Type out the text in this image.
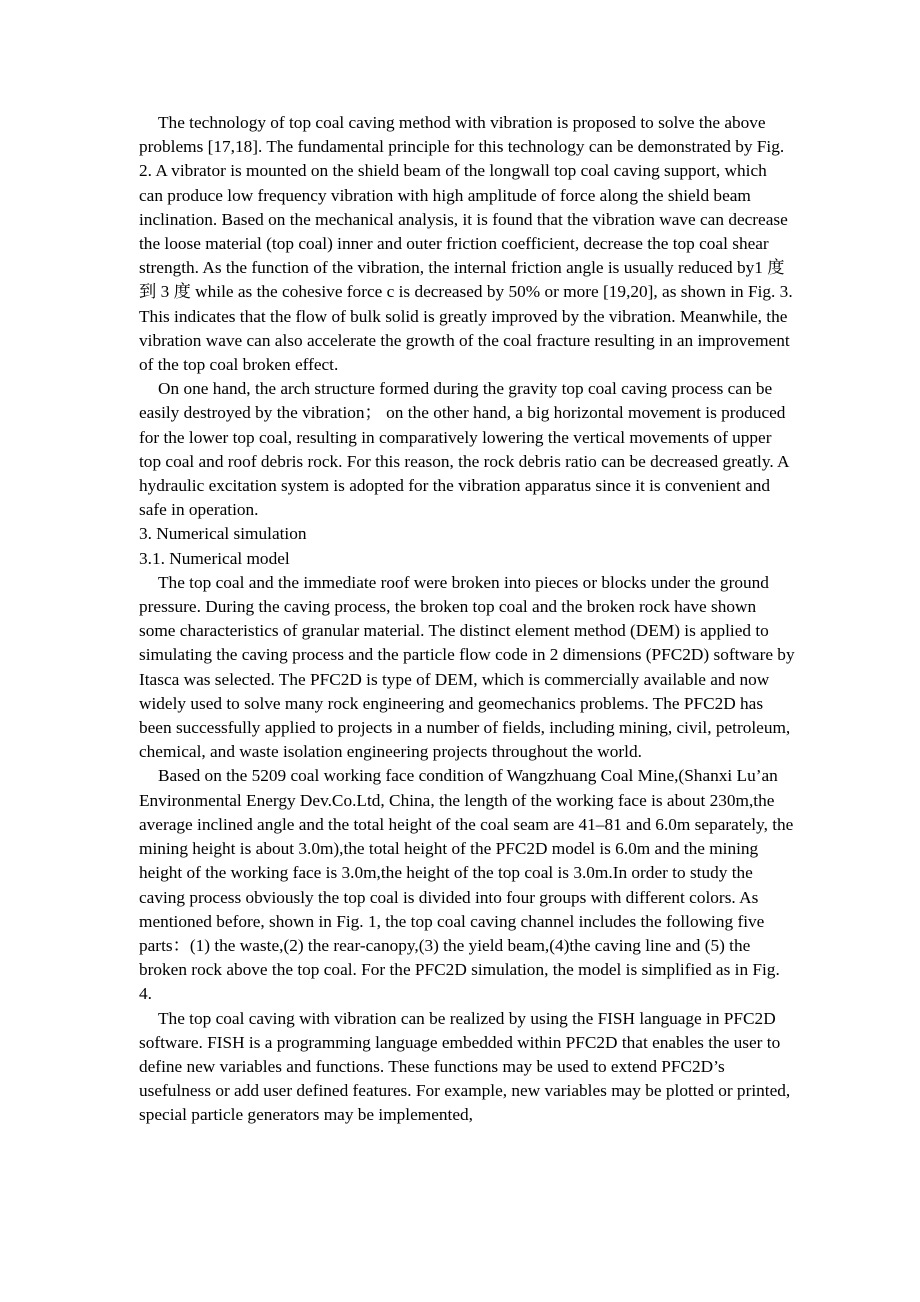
The technology of top coal caving method with vibration is proposed to solve the above problems [17,18]. The fundamental principle for this technology can be demonstrated by Fig. 2. A vibrator is mounted on the shield beam of the longwall top coal caving support, which can produce low frequency vibration with high amplitude of force along the shield beam inclination. Based on the mechanical analysis, it is found that the vibration wave can decrease the loose material (top coal) inner and outer friction coefficient, decrease the top coal shear strength. As the function of the vibration, the internal friction angle is usually reduced by1 度到 3 度 while as the cohesive force c is decreased by 50% or more [19,20], as shown in Fig. 3. This indicates that the flow of bulk solid is greatly improved by the vibration. Meanwhile, the vibration wave can also accelerate the growth of the coal fracture resulting in an improvement of the top coal broken effect.

On one hand, the arch structure formed during the gravity top coal caving process can be easily destroyed by the vibration； on the other hand, a big horizontal movement is produced for the lower top coal, resulting in comparatively lowering the vertical movements of upper top coal and roof debris rock. For this reason, the rock debris ratio can be decreased greatly. A hydraulic excitation system is adopted for the vibration apparatus since it is convenient and safe in operation.

3. Numerical simulation

3.1. Numerical model

The top coal and the immediate roof were broken into pieces or blocks under the ground pressure. During the caving process, the broken top coal and the broken rock have shown some characteristics of granular material. The distinct element method (DEM) is applied to simulating the caving process and the particle flow code in 2 dimensions (PFC2D) software by Itasca was selected. The PFC2D is type of DEM, which is commercially available and now widely used to solve many rock engineering and geomechanics problems. The PFC2D has been successfully applied to projects in a number of fields, including mining, civil, petroleum, chemical, and waste isolation engineering projects throughout the world.

Based on the 5209 coal working face condition of Wangzhuang Coal Mine,(Shanxi Lu’an Environmental Energy Dev.Co.Ltd, China, the length of the working face is about 230m,the average inclined angle and the total height of the coal seam are 41–81 and 6.0m separately, the mining height is about 3.0m),the total height of the PFC2D model is 6.0m and the mining height of the working face is 3.0m,the height of the top coal is 3.0m.In order to study the caving process obviously the top coal is divided into four groups with different colors. As mentioned before, shown in Fig. 1, the top coal caving channel includes the following five parts：(1) the waste,(2) the rear-canopy,(3) the yield beam,(4)the caving line and (5) the broken rock above the top coal. For the PFC2D simulation, the model is simplified as in Fig. 4.

The top coal caving with vibration can be realized by using the FISH language in PFC2D software. FISH is a programming language embedded within PFC2D that enables the user to define new variables and functions. These functions may be used to extend PFC2D’s usefulness or add user defined features. For example, new variables may be plotted or printed, special particle generators may be implemented,
